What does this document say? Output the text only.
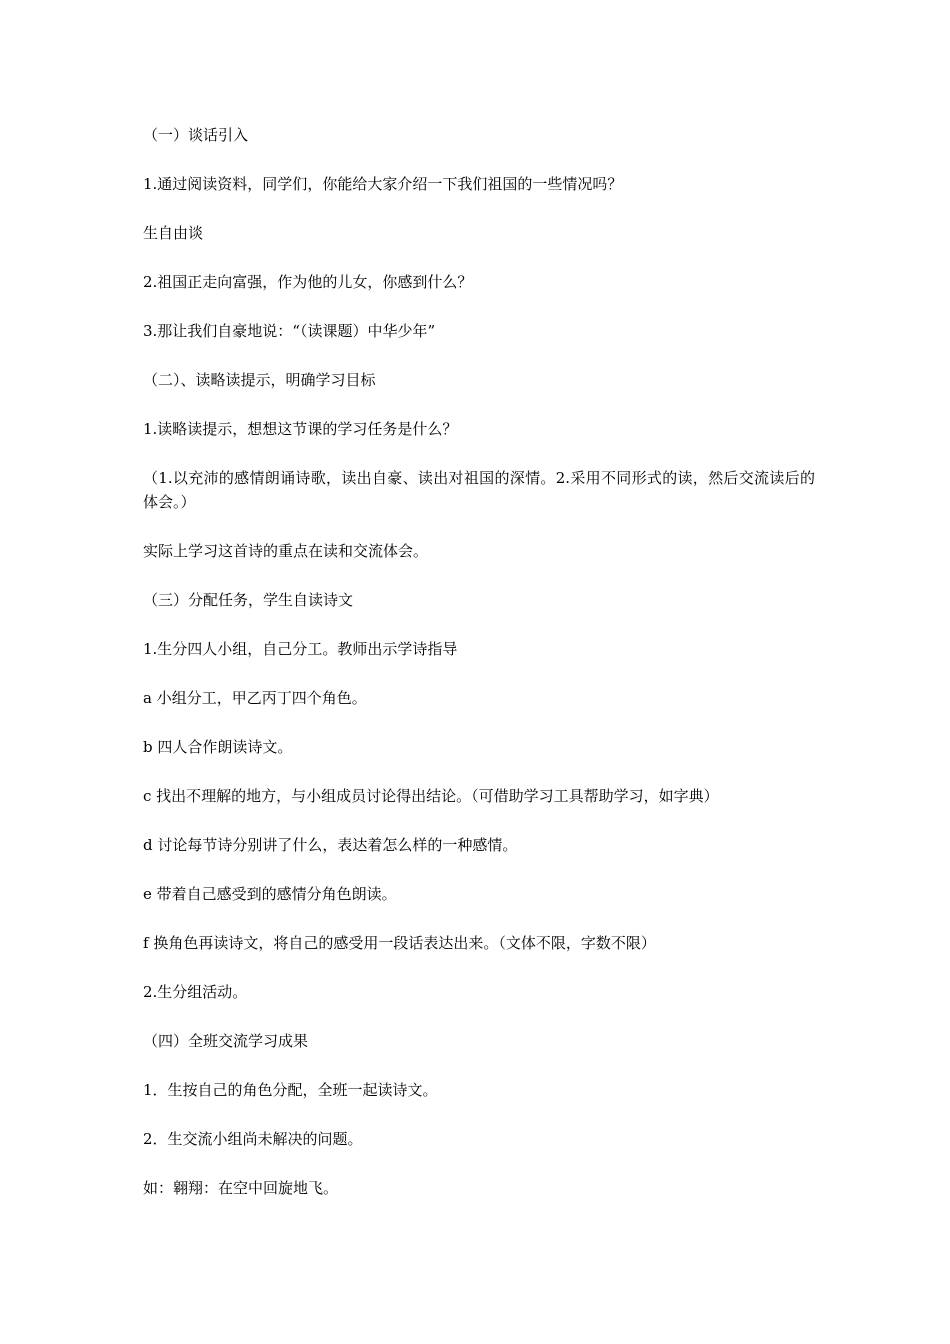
（一）谈话引入

1.通过阅读资料，同学们，你能给大家介绍一下我们祖国的一些情况吗？

生自由谈

2.祖国正走向富强，作为他的儿女，你感到什么？

3.那让我们自豪地说：“（读课题）中华少年”

（二）、读略读提示，明确学习目标

1.读略读提示，想想这节课的学习任务是什么？

（1.以充沛的感情朗诵诗歌，读出自豪、读出对祖国的深情。2.采用不同形式的读，然后交流读后的体会。）

实际上学习这首诗的重点在读和交流体会。

（三）分配任务，学生自读诗文

1.生分四人小组，自己分工。教师出示学诗指导

a 小组分工，甲乙丙丁四个角色。

b 四人合作朗读诗文。

c 找出不理解的地方，与小组成员讨论得出结论。（可借助学习工具帮助学习，如字典）

d 讨论每节诗分别讲了什么，表达着怎么样的一种感情。

e 带着自己感受到的感情分角色朗读。

f 换角色再读诗文，将自己的感受用一段话表达出来。（文体不限，字数不限）

2.生分组活动。

（四）全班交流学习成果

1．生按自己的角色分配，全班一起读诗文。

2．生交流小组尚未解决的问题。

如：翱翔：在空中回旋地飞。
